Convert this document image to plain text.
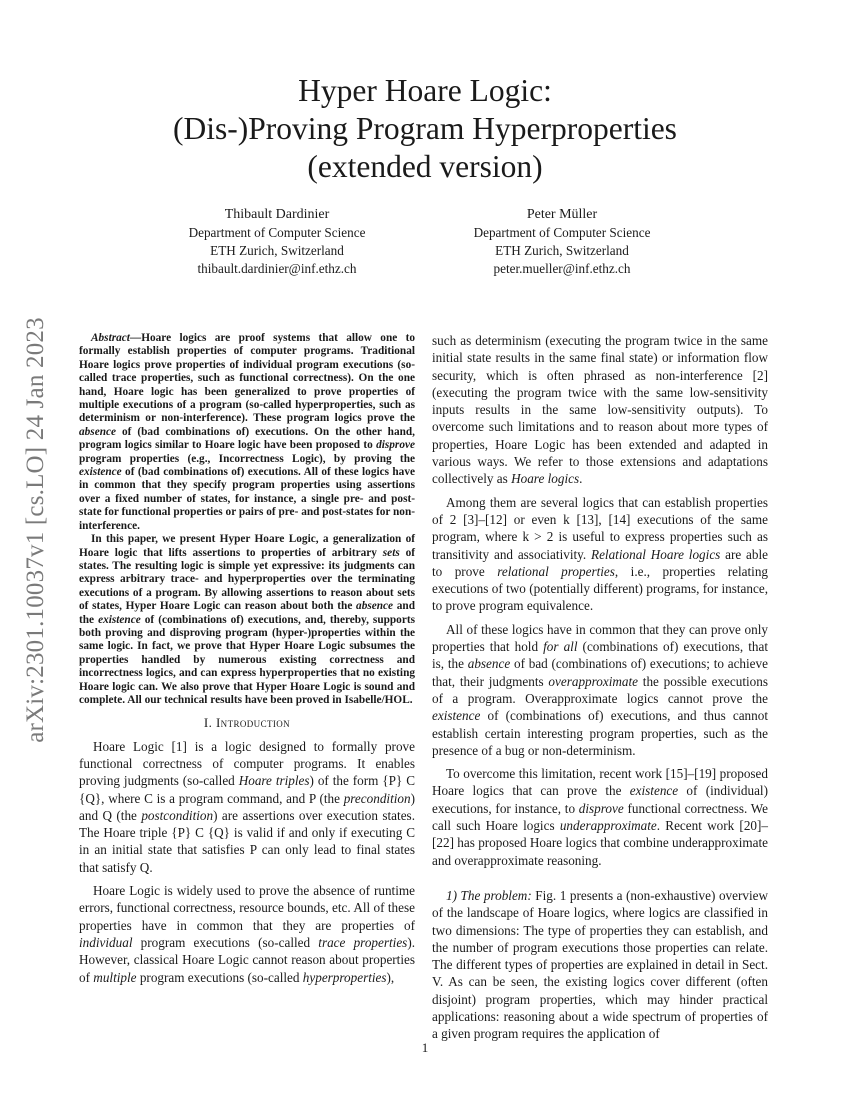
arXiv:2301.10037v1 [cs.LO] 24 Jan 2023
Hyper Hoare Logic:
(Dis-)Proving Program Hyperproperties
(extended version)
Thibault Dardinier
Department of Computer Science
ETH Zurich, Switzerland
thibault.dardinier@inf.ethz.ch
Peter Müller
Department of Computer Science
ETH Zurich, Switzerland
peter.mueller@inf.ethz.ch

Abstract—Hoare logics are proof systems that allow one to formally establish properties of computer programs. Traditional Hoare logics prove properties of individual program executions (so-called trace properties, such as functional correctness). On the one hand, Hoare logic has been generalized to prove properties of multiple executions of a program (so-called hyperproperties, such as determinism or non-interference). These program logics prove the absence of (bad combinations of) executions. On the other hand, program logics similar to Hoare logic have been proposed to disprove program properties (e.g., Incorrectness Logic), by proving the existence of (bad combinations of) executions. All of these logics have in common that they specify program properties using assertions over a fixed number of states, for instance, a single pre- and post-state for functional properties or pairs of pre- and post-states for non-interference.

In this paper, we present Hyper Hoare Logic, a generalization of Hoare logic that lifts assertions to properties of arbitrary sets of states. The resulting logic is simple yet expressive: its judgments can express arbitrary trace- and hyperproperties over the terminating executions of a program. By allowing assertions to reason about sets of states, Hyper Hoare Logic can reason about both the absence and the existence of (combinations of) executions, and, thereby, supports both proving and disproving program (hyper-)properties within the same logic. In fact, we prove that Hyper Hoare Logic subsumes the properties handled by numerous existing correctness and incorrectness logics, and can express hyperproperties that no existing Hoare logic can. We also prove that Hyper Hoare Logic is sound and complete. All our technical results have been proved in Isabelle/HOL.

I. Introduction

Hoare Logic [1] is a logic designed to formally prove functional correctness of computer programs. It enables proving judgments (so-called Hoare triples) of the form {P} C {Q}, where C is a program command, and P (the precondition) and Q (the postcondition) are assertions over execution states. The Hoare triple {P} C {Q} is valid if and only if executing C in an initial state that satisfies P can only lead to final states that satisfy Q.

Hoare Logic is widely used to prove the absence of runtime errors, functional correctness, resource bounds, etc. All of these properties have in common that they are properties of individual program executions (so-called trace properties). However, classical Hoare Logic cannot reason about properties of multiple program executions (so-called hyperproperties),

such as determinism (executing the program twice in the same initial state results in the same final state) or information flow security, which is often phrased as non-interference [2] (executing the program twice with the same low-sensitivity inputs results in the same low-sensitivity outputs). To overcome such limitations and to reason about more types of properties, Hoare Logic has been extended and adapted in various ways. We refer to those extensions and adaptations collectively as Hoare logics.

Among them are several logics that can establish properties of 2 [3]–[12] or even k [13], [14] executions of the same program, where k > 2 is useful to express properties such as transitivity and associativity. Relational Hoare logics are able to prove relational properties, i.e., properties relating executions of two (potentially different) programs, for instance, to prove program equivalence.

All of these logics have in common that they can prove only properties that hold for all (combinations of) executions, that is, the absence of bad (combinations of) executions; to achieve that, their judgments overapproximate the possible executions of a program. Overapproximate logics cannot prove the existence of (combinations of) executions, and thus cannot establish certain interesting program properties, such as the presence of a bug or non-determinism.

To overcome this limitation, recent work [15]–[19] proposed Hoare logics that can prove the existence of (individual) executions, for instance, to disprove functional correctness. We call such Hoare logics underapproximate. Recent work [20]–[22] has proposed Hoare logics that combine underapproximate and overapproximate reasoning.

1) The problem: Fig. 1 presents a (non-exhaustive) overview of the landscape of Hoare logics, where logics are classified in two dimensions: The type of properties they can establish, and the number of program executions those properties can relate. The different types of properties are explained in detail in Sect. V. As can be seen, the existing logics cover different (often disjoint) program properties, which may hinder practical applications: reasoning about a wide spectrum of properties of a given program requires the application of

1
